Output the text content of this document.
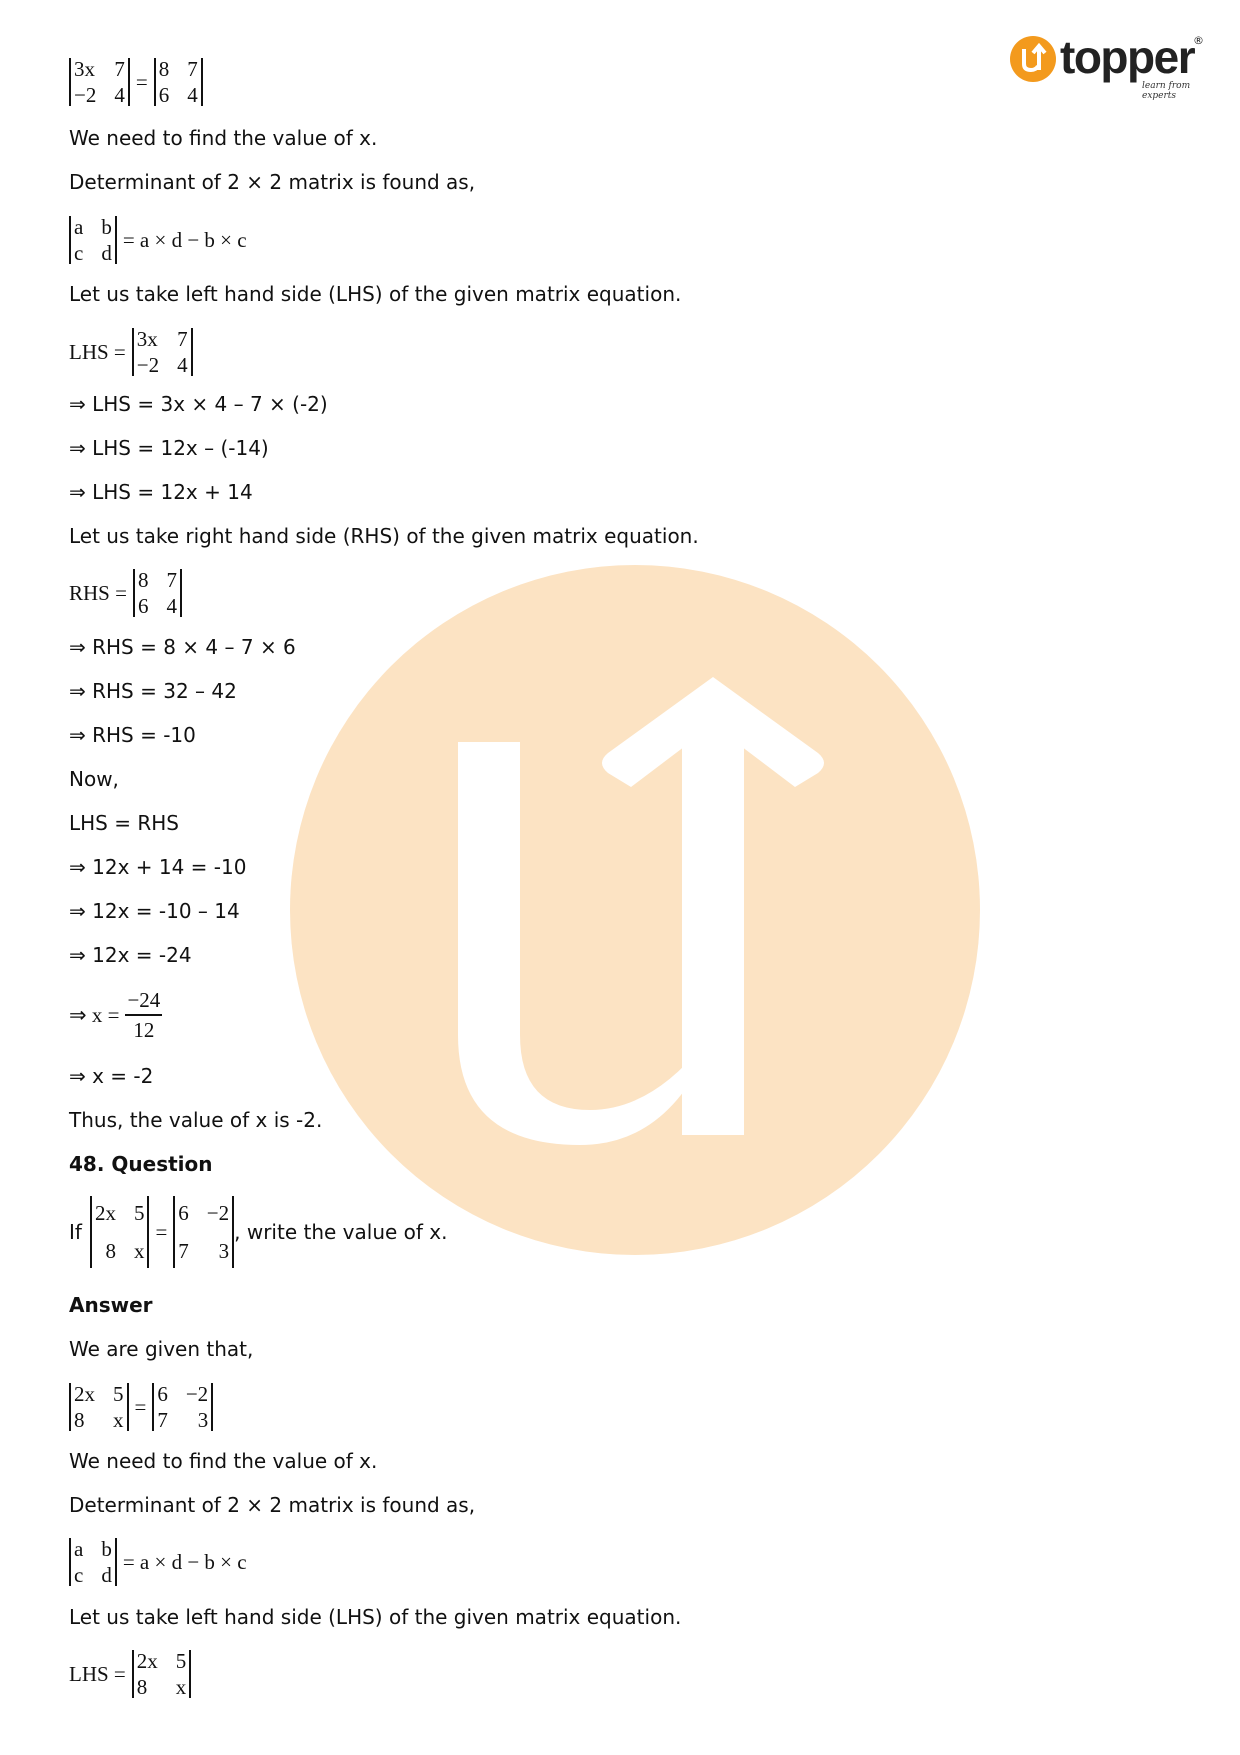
topper
®
learn from experts
3x 7
−2 4
=
8 7
6 4
We need to find the value of x.
Determinant of 2 × 2 matrix is found as,
a b
c d
= a × d − b × c
Let us take left hand side (LHS) of the given matrix equation.
LHS =
3x 7
−2 4
⇒ LHS = 3x × 4 – 7 × (-2)
⇒ LHS = 12x – (-14)
⇒ LHS = 12x + 14
Let us take right hand side (RHS) of the given matrix equation.
RHS =
8 7
6 4
⇒ RHS = 8 × 4 – 7 × 6
⇒ RHS = 32 – 42
⇒ RHS = -10
Now,
LHS = RHS
⇒ 12x + 14 = -10
⇒ 12x = -10 – 14
⇒ 12x = -24
⇒ $x = \frac{-24}{12}$
⇒ x = -2
Thus, the value of x is -2.
48. Question
If
2x 5
8 x
=
6 −2
7	3
, write the value of x.
Answer
We are given that,
2x 5
8	x
=
6 −2
7	3
We need to find the value of x.
Determinant of 2 × 2 matrix is found as,
a b
c d
= a × d − b × c
Let us take left hand side (LHS) of the given matrix equation.
LHS =
2x 5
8	x
